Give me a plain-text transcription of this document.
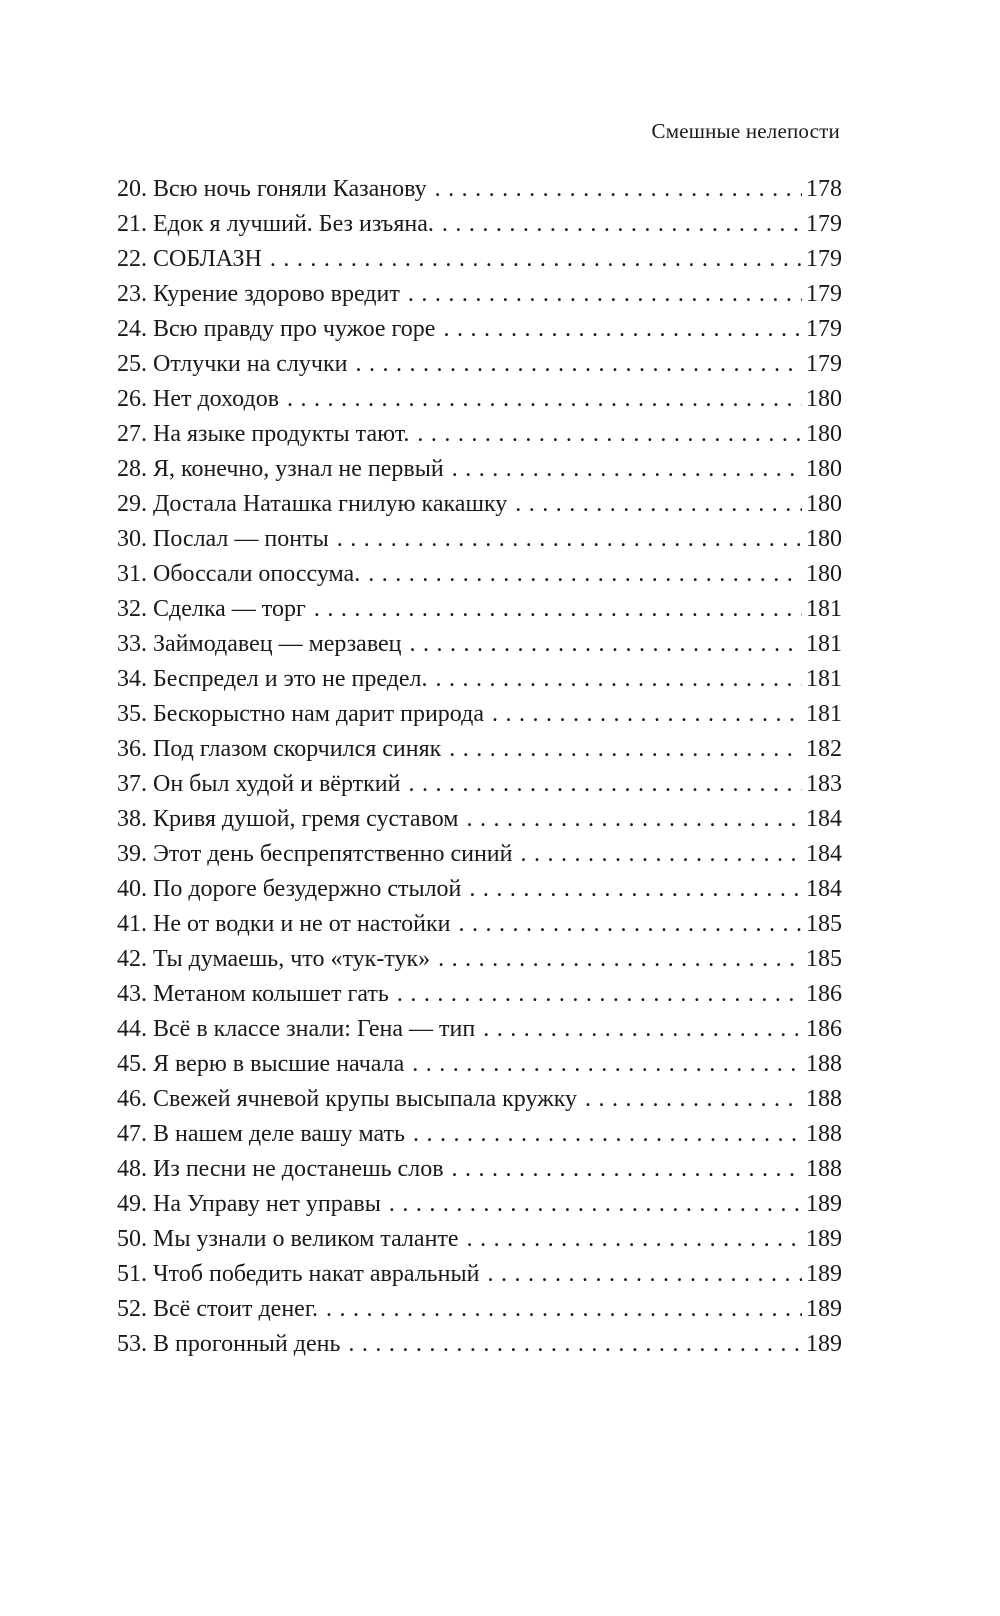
Смешные нелепости
20. Всю ночь гоняли Казанову . . .	178
21. Едок я лучший. Без изъяна. . . .	179
22. СОБЛАЗН . . .	179
23. Курение здорово вредит . . .	179
24. Всю правду про чужое горе . . .	179
25. Отлучки на случки . . .	179
26. Нет доходов . . .	180
27. На языке продукты тают. . . .	180
28. Я, конечно, узнал не первый . . .	180
29. Достала Наташка гнилую какашку . . .	180
30. Послал — понты . . .	180
31. Обоссали опоссума. . . .	180
32. Сделка — торг . . .	181
33. Займодавец — мерзавец . . .	181
34. Беспредел и это не предел. . . .	181
35. Бескорыстно нам дарит природа . . .	181
36. Под глазом скорчился синяк . . .	182
37. Он был худой и вёрткий . . .	183
38. Кривя душой, гремя суставом . . .	184
39. Этот день беспрепятственно синий . . .	184
40. По дороге безудержно стылой . . .	184
41. Не от водки и не от настойки . . .	185
42. Ты думаешь, что «тук-тук» . . .	185
43. Метаном колышет гать . . .	186
44. Всё в классе знали: Гена — тип . . .	186
45. Я верю в высшие начала . . .	188
46. Свежей ячневой крупы высыпала кружку . . .	188
47. В нашем деле вашу мать . . .	188
48. Из песни не достанешь слов . . .	188
49. На Управу нет управы . . .	189
50. Мы узнали о великом таланте . . .	189
51. Чтоб победить накат авральный . . .	189
52. Всё стоит денег. . . .	189
53. В прогонный день . . .	189
